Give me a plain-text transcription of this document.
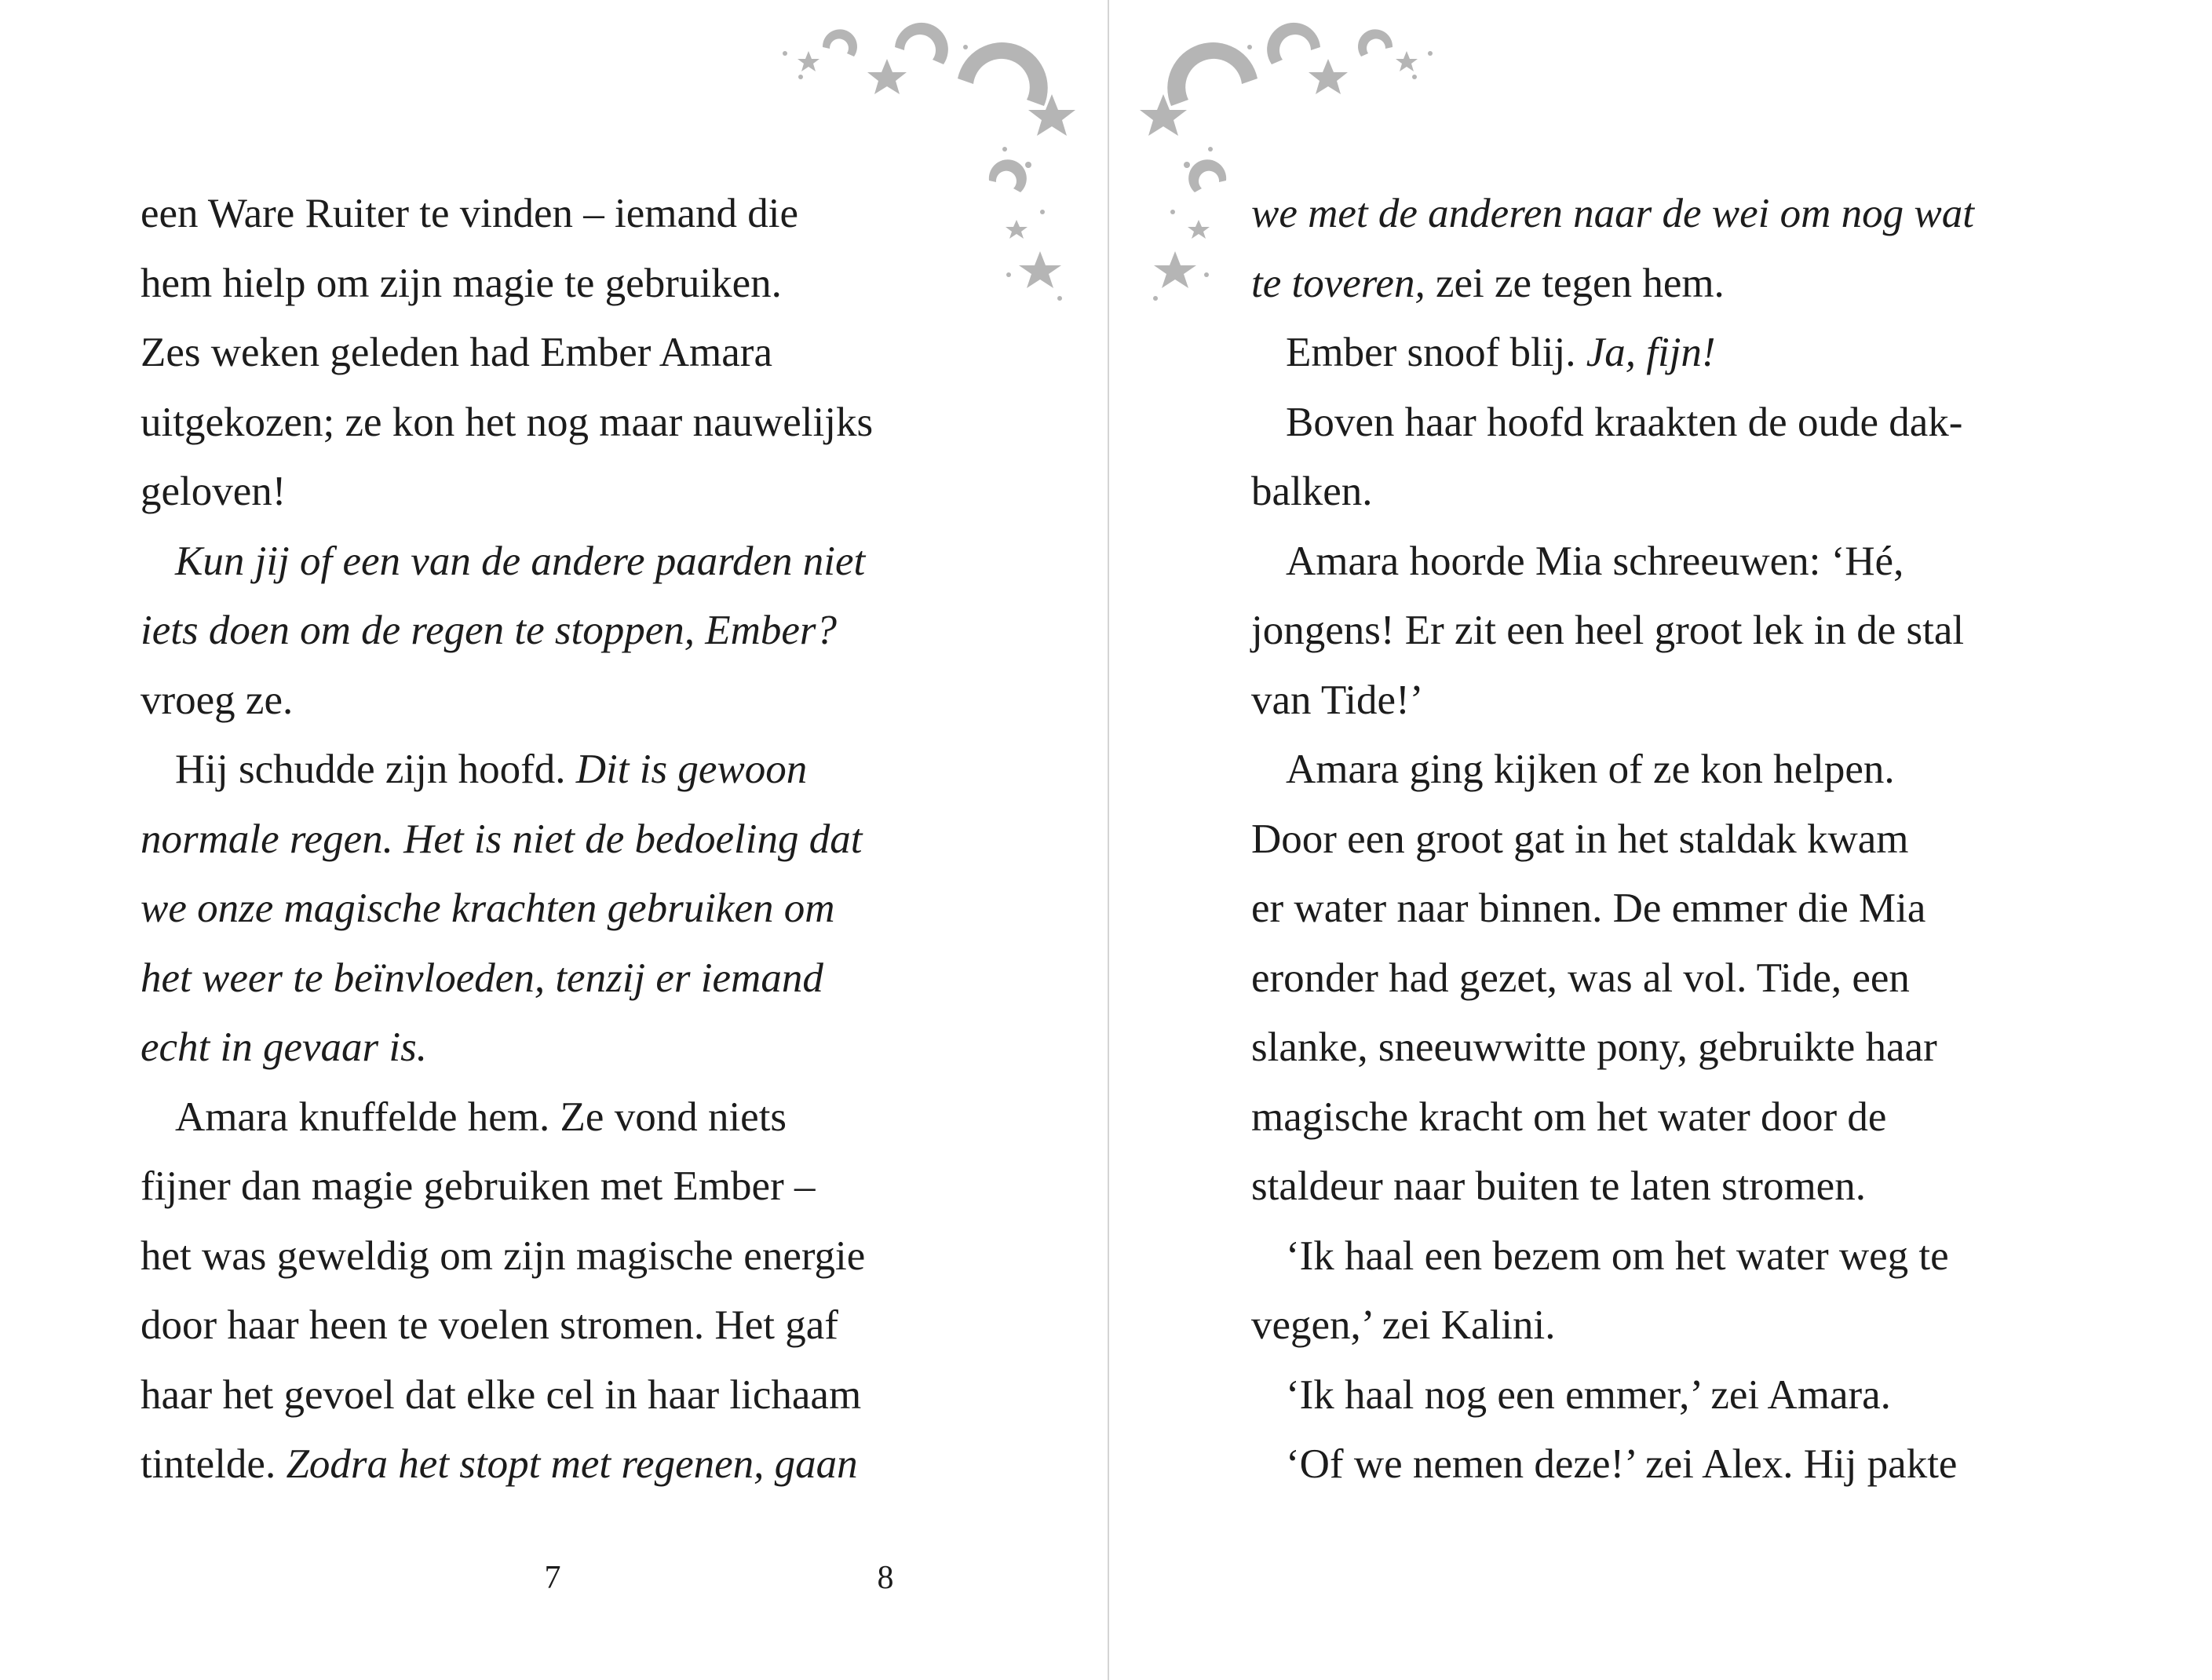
een Ware Ruiter te vinden – iemand die
hem hielp om zijn magie te gebruiken.
Zes weken geleden had Ember Amara
uitgekozen; ze kon het nog maar nauwelijks
geloven!
Kun jij of een van de andere paarden niet
iets doen om de regen te stoppen, Ember?
vroeg ze.
Hij schudde zijn hoofd. Dit is gewoon
normale regen. Het is niet de bedoeling dat
we onze magische krachten gebruiken om
het weer te beïnvloeden, tenzij er iemand
echt in gevaar is.
Amara knuffelde hem. Ze vond niets
fijner dan magie gebruiken met Ember –
het was geweldig om zijn magische energie
door haar heen te voelen stromen. Het gaf
haar het gevoel dat elke cel in haar lichaam
tintelde. Zodra het stopt met regenen, gaan
7
we met de anderen naar de wei om nog wat
te toveren, zei ze tegen hem.
Ember snoof blij. Ja, fijn!
Boven haar hoofd kraakten de oude dak-
balken.
Amara hoorde Mia schreeuwen: ‘Hé,
jongens! Er zit een heel groot lek in de stal
van Tide!’
Amara ging kijken of ze kon helpen.
Door een groot gat in het staldak kwam
er water naar binnen. De emmer die Mia
eronder had gezet, was al vol. Tide, een
slanke, sneeuwwitte pony, gebruikte haar
magische kracht om het water door de
staldeur naar buiten te laten stromen.
‘Ik haal een bezem om het water weg te
vegen,’ zei Kalini.
‘Ik haal nog een emmer,’ zei Amara.
‘Of we nemen deze!’ zei Alex. Hij pakte
8
